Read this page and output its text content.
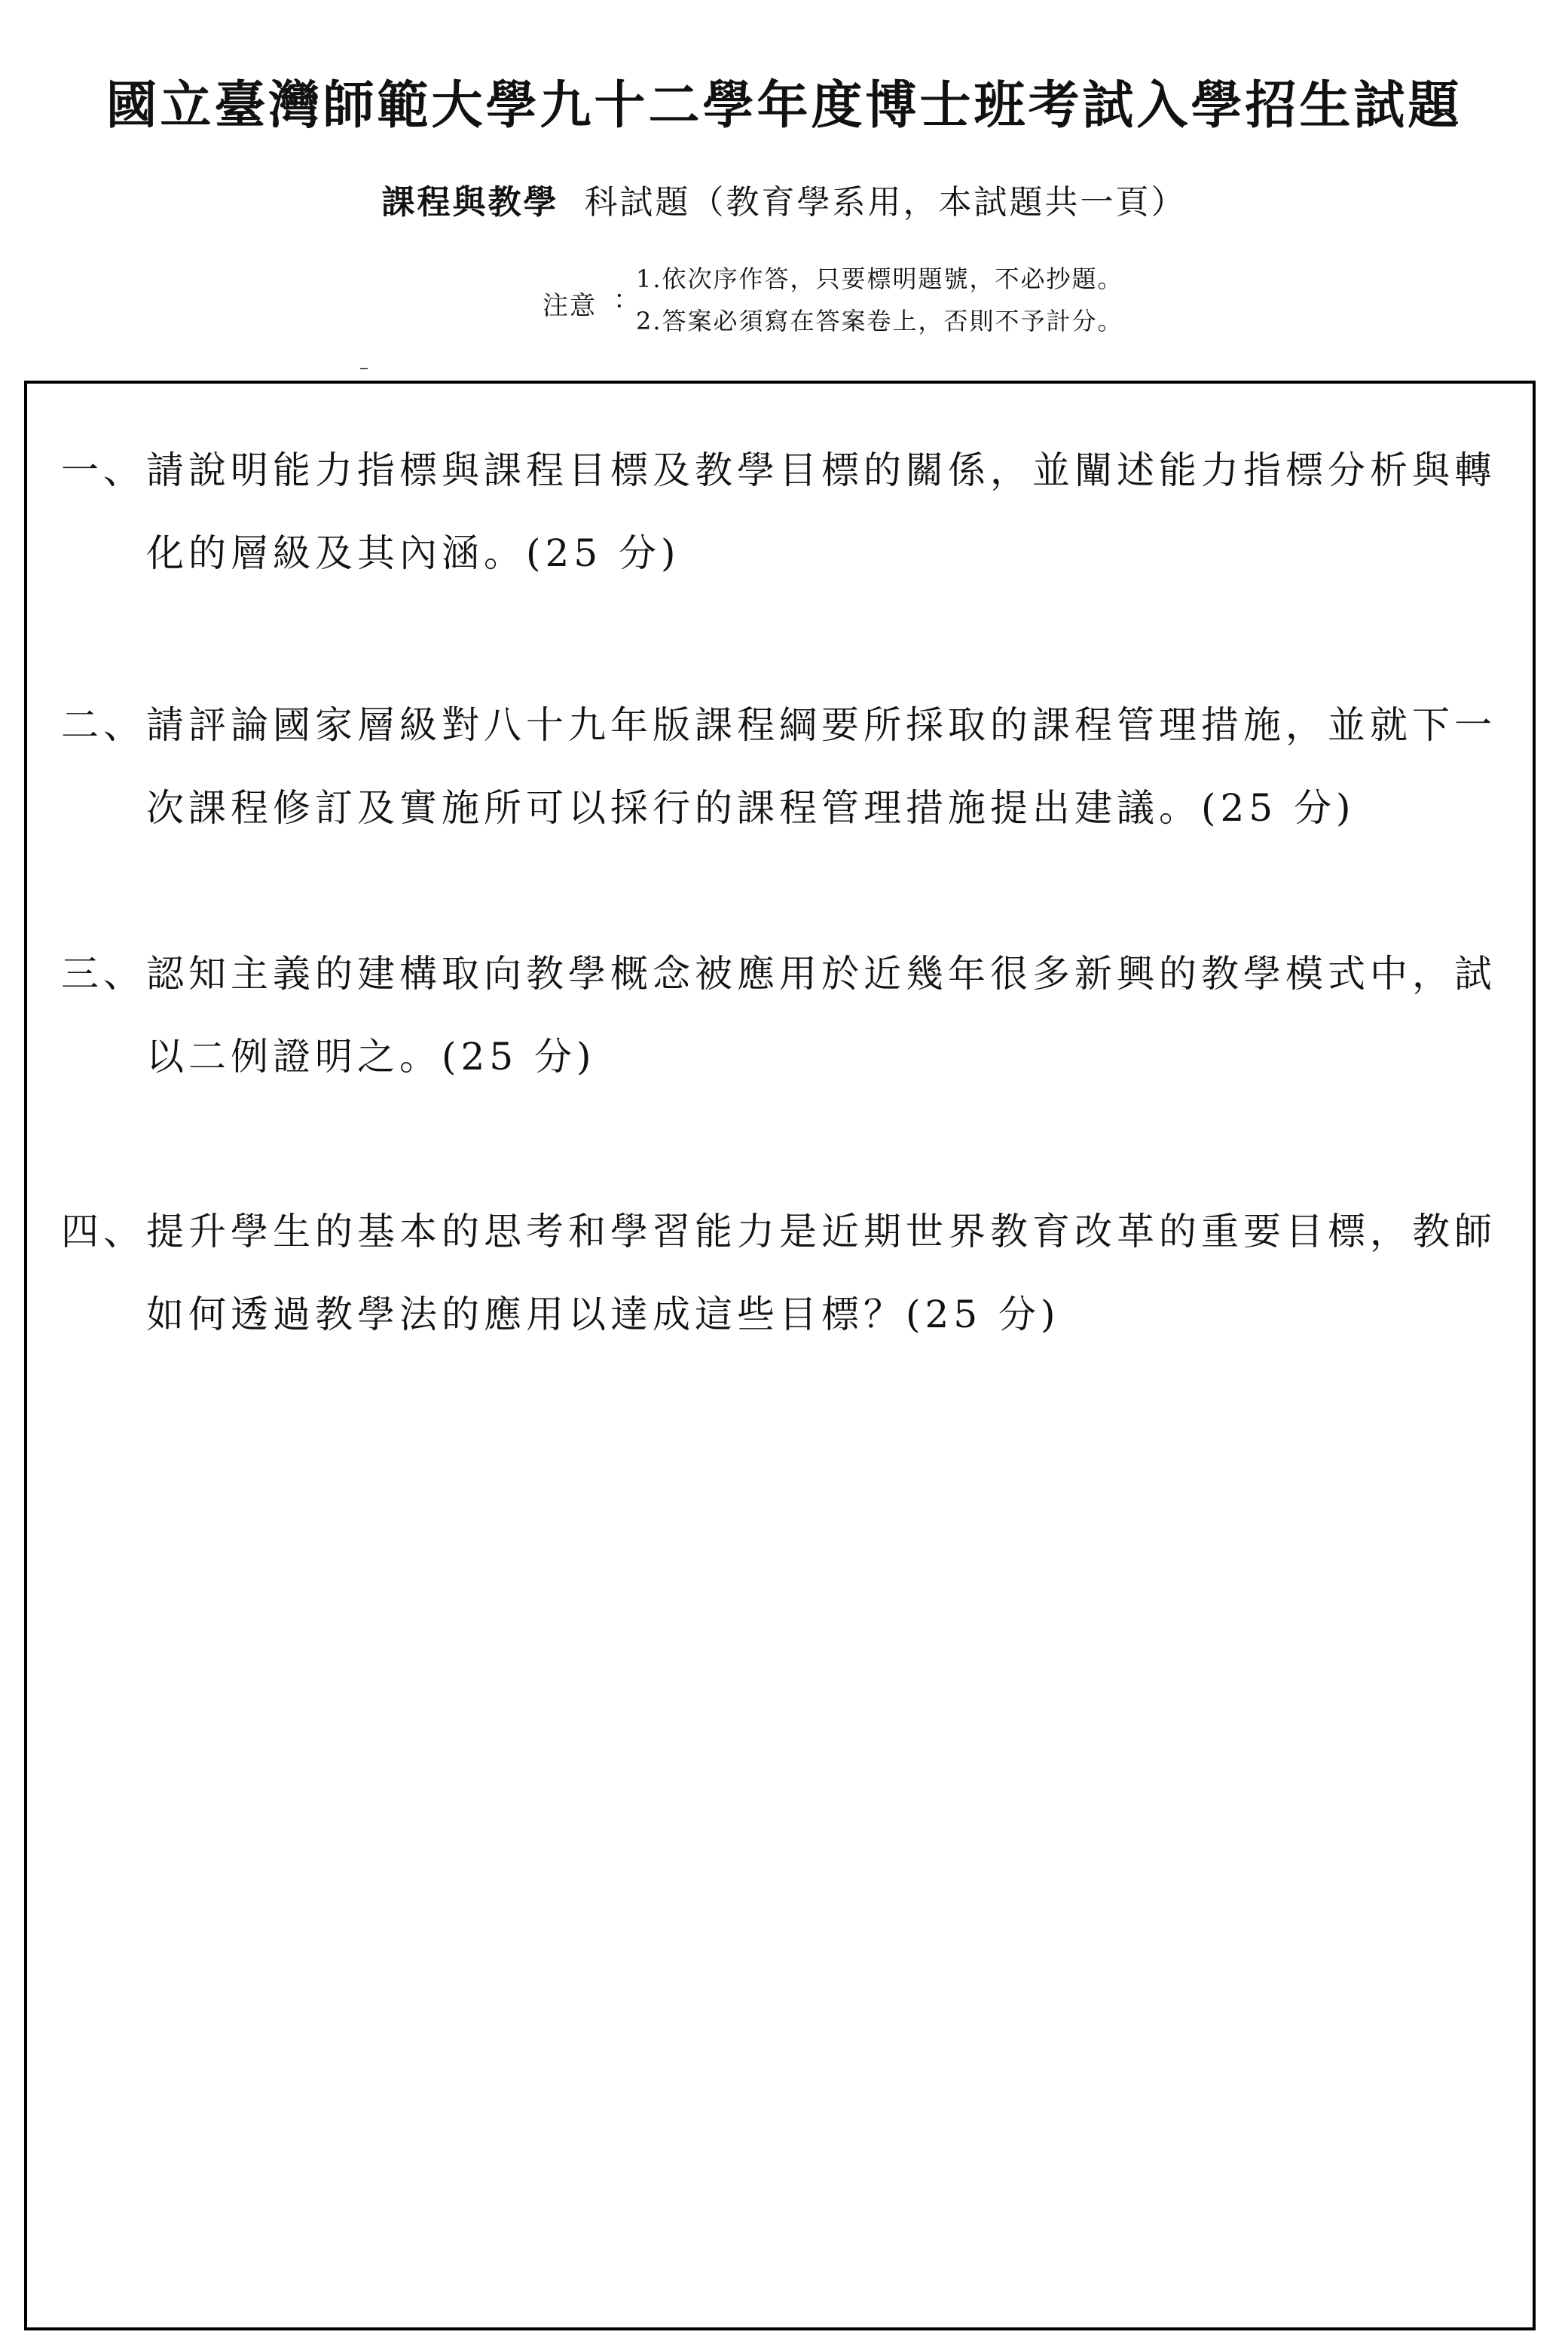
國立臺灣師範大學九十二學年度博士班考試入學招生試題
課程與教學 科試題（教育學系用，本試題共一頁）
注意 ：
1.依次序作答，只要標明題號，不必抄題。
2.答案必須寫在答案卷上，否則不予計分。
一、 請說明能力指標與課程目標及教學目標的關係，並闡述能力指標分析與轉化的層級及其內涵。(25 分)
二、 請評論國家層級對八十九年版課程綱要所採取的課程管理措施，並就下一次課程修訂及實施所可以採行的課程管理措施提出建議。(25 分)
三、 認知主義的建構取向教學概念被應用於近幾年很多新興的教學模式中，試以二例證明之。(25 分)
四、 提升學生的基本的思考和學習能力是近期世界教育改革的重要目標，教師如何透過教學法的應用以達成這些目標？(25 分)
